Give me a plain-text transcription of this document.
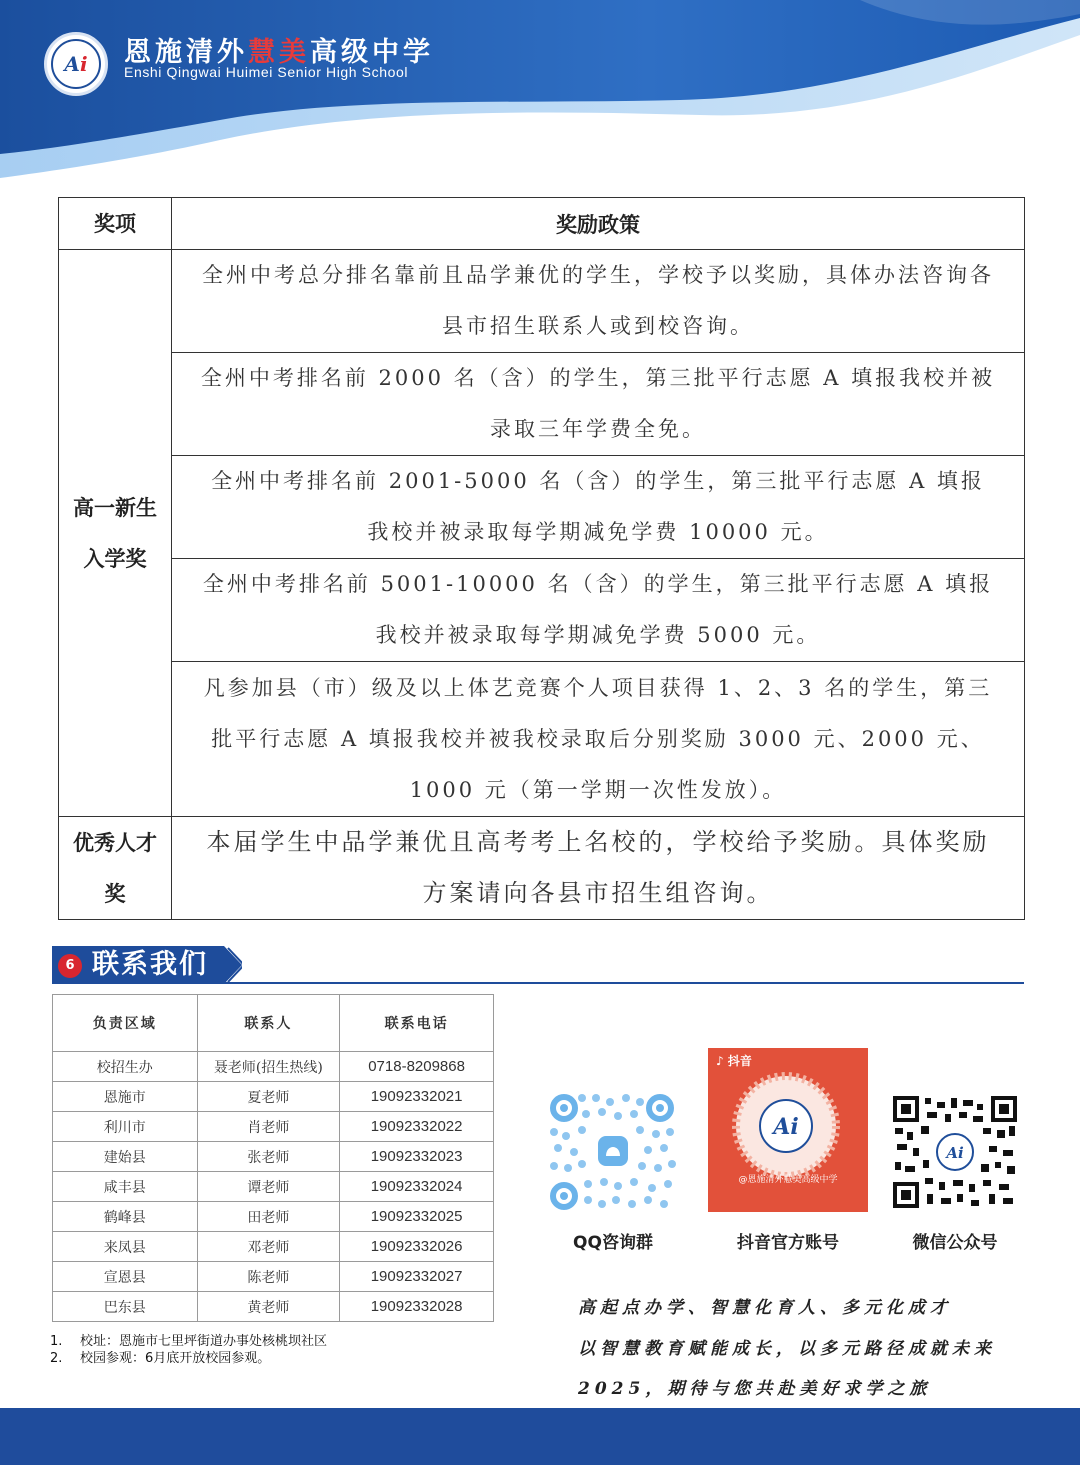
A i 恩施清外慧美高级中学
Enshi Qingwai Huimei Senior High School
奖项	奖励政策

高一新生
入学奖	全州中考总分排名靠前且品学兼优的学生，学校予以奖励，具体办法咨询各县市招生联系人或到校咨询。
	全州中考排名前 2000 名（含）的学生，第三批平行志愿 A 填报我校并被录取三年学费全免。
	全州中考排名前 2001-5000 名（含）的学生，第三批平行志愿 A 填报我校并被录取每学期减免学费 10000 元。
	全州中考排名前 5001-10000 名（含）的学生，第三批平行志愿 A 填报我校并被录取每学期减免学费 5000 元。
	凡参加县（市）级及以上体艺竞赛个人项目获得 1、2、3 名的学生，第三批平行志愿 A 填报我校并被我校录取后分别奖励 3000 元、2000 元、1000 元（第一学期一次性发放）。
优秀人才奖	本届学生中品学兼优且高考考上名校的，学校给予奖励。具体奖励方案请向各县市招生组咨询。
6 联系我们
负责区域	联系人	联系电话
校招生办	聂老师(招生热线)	0718-8209868
恩施市	夏老师	19092332021
利川市	肖老师	19092332022
建始县	张老师	19092332023
咸丰县	谭老师	19092332024
鹤峰县	田老师	19092332025
来凤县	邓老师	19092332026
宣恩县	陈老师	19092332027
巴东县	黄老师	19092332028
1. 校址：恩施市七里坪街道办事处核桃坝社区
2. 校园参观：6月底开放校园参观。
QQ咨询群
♪ 抖音
Ai
@恩施清外慧美高级中学
抖音官方账号
Ai
微信公众号
高起点办学、智慧化育人、多元化成才
以智慧教育赋能成长，以多元路径成就未来
2025，期待与您共赴美好求学之旅
